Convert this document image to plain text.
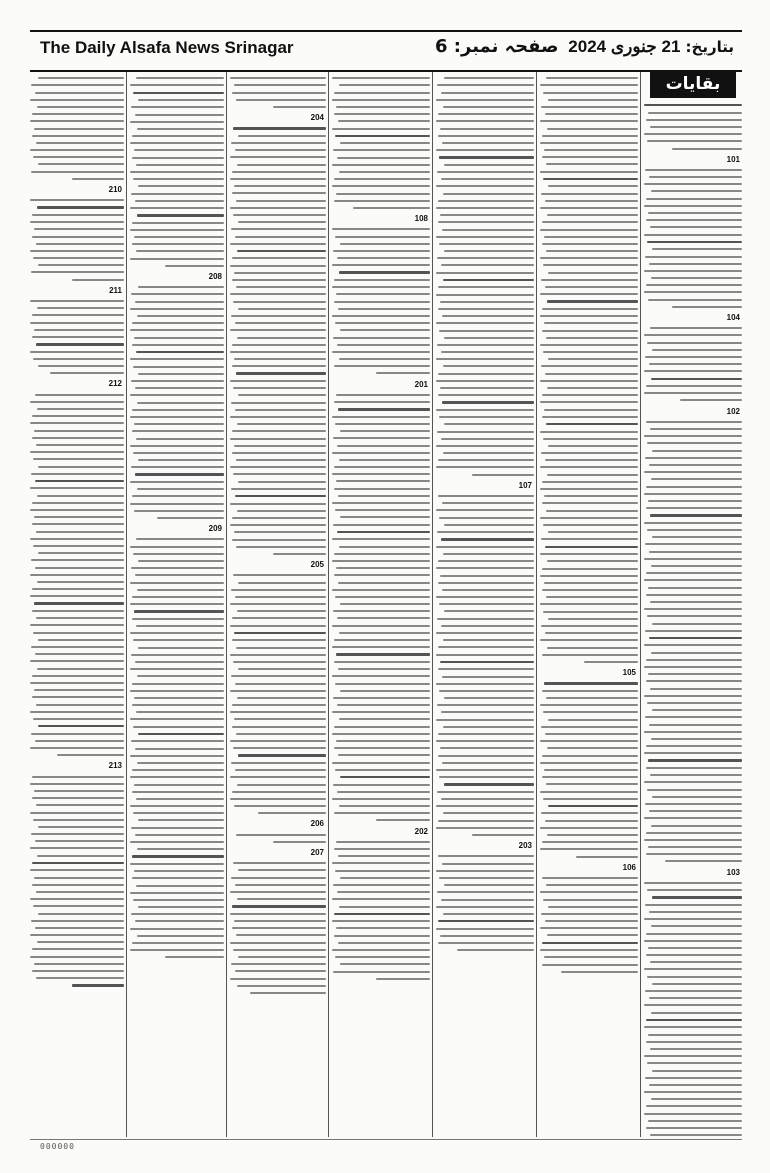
The Daily Alsafa News Srinagar	صفحہ نمبر: 6	بتاریخ: 21 جنوری 2024
بقایات
101
104
102
103
105
106
107
203
108
201
202
204
205
206
207
208
209
210
211
212
213
000000
